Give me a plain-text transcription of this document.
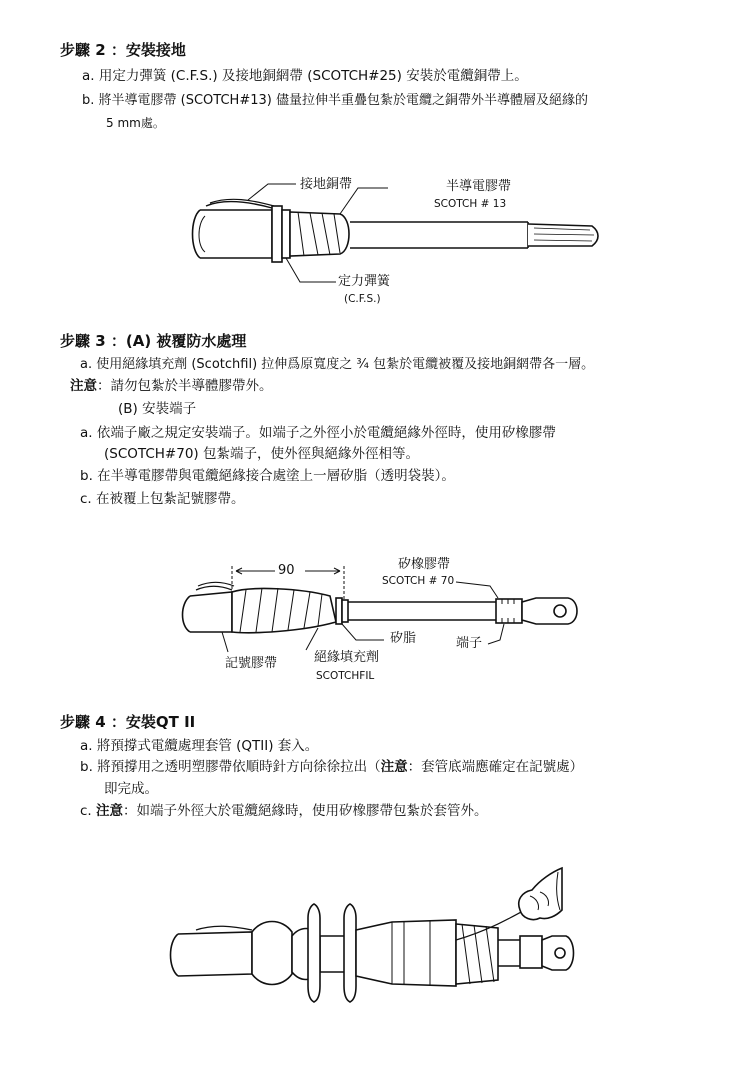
步驟 2 ：安裝接地
a. 用定力彈簧 (C.F.S.) 及接地銅網帶 (SCOTCH#25) 安裝於電纜銅帶上。
b. 將半導電膠帶 (SCOTCH#13) 儘量拉伸半重疊包紮於電纜之銅帶外半導體層及絕緣的
5 mm處。
接地銅帶	半導電膠帶
SCOTCH # 13
定力彈簧
(C.F.S.)
步驟 3 ：(A) 被覆防水處理
a. 使用絕緣填充劑 (Scotchfil) 拉伸爲原寬度之 ¾ 包紮於電纜被覆及接地銅網帶各一層。
注意：請勿包紮於半導體膠帶外。
(B) 安裝端子
a. 依端子廠之規定安裝端子。如端子之外徑小於電纜絕緣外徑時，使用矽橡膠帶
(SCOTCH#70) 包紮端子，使外徑與絕緣外徑相等。
b. 在半導電膠帶與電纜絕緣接合處塗上一層矽脂（透明袋裝）。
c. 在被覆上包紮記號膠帶。
90	矽橡膠帶
SCOTCH # 70
矽脂	端子
記號膠帶	絕緣填充劑
SCOTCHFIL
步驟 4 ：安裝QT II
a. 將預撐式電纜處理套管 (QTII) 套入。
b. 將預撐用之透明塑膠帶依順時針方向徐徐拉出（注意：套管底端應確定在記號處）
即完成。
c. 注意：如端子外徑大於電纜絕緣時，使用矽橡膠帶包紮於套管外。
